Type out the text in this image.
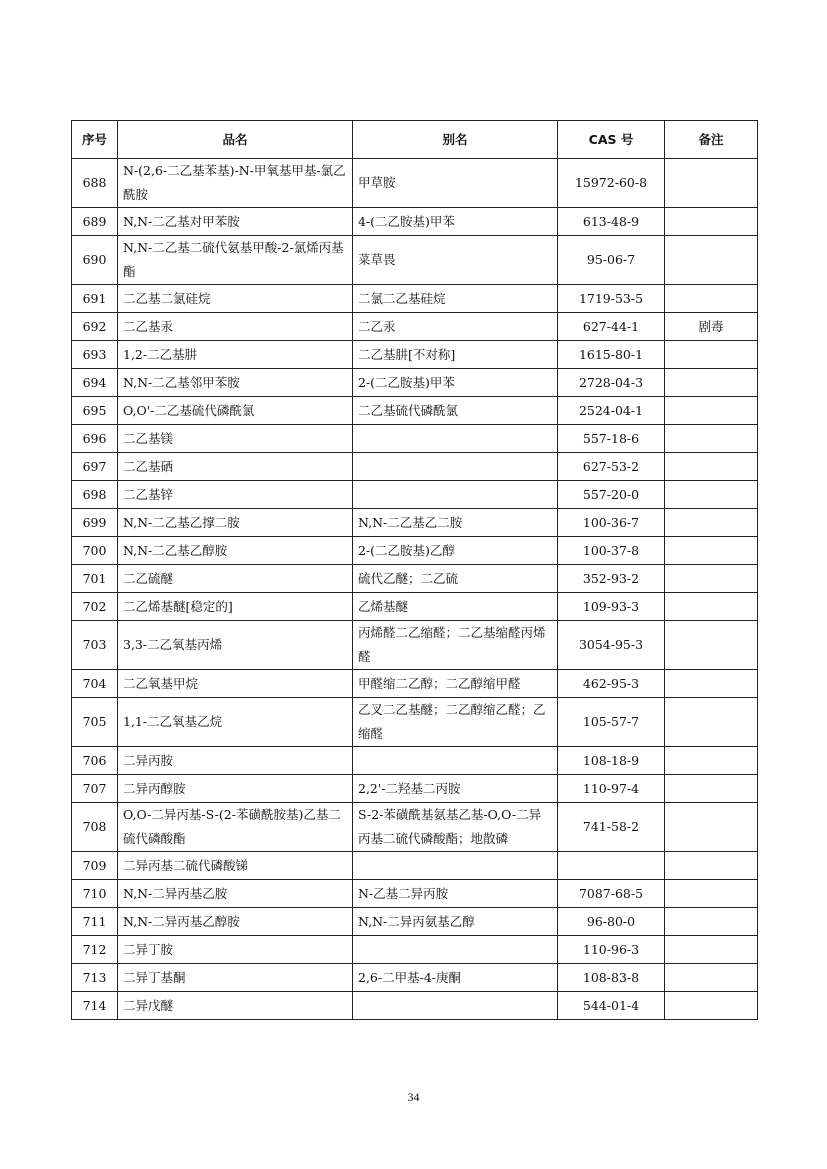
序号	品名	别名	CAS 号	备注
688	N-(2,6-二乙基苯基)-N-甲氧基甲基-氯乙酰胺	甲草胺	15972-60-8	
689	N,N-二乙基对甲苯胺	4-(二乙胺基)甲苯	613-48-9	
690	N,N-二乙基二硫代氨基甲酸-2-氯烯丙基酯	菜草畏	95-06-7	
691	二乙基二氯硅烷	二氯二乙基硅烷	1719-53-5	
692	二乙基汞	二乙汞	627-44-1	剧毒
693	1,2-二乙基肼	二乙基肼[不对称]	1615-80-1	
694	N,N-二乙基邻甲苯胺	2-(二乙胺基)甲苯	2728-04-3	
695	O,O'-二乙基硫代磷酰氯	二乙基硫代磷酰氯	2524-04-1	
696	二乙基镁		557-18-6	
697	二乙基硒		627-53-2	
698	二乙基锌		557-20-0	
699	N,N-二乙基乙撑二胺	N,N-二乙基乙二胺	100-36-7	
700	N,N-二乙基乙醇胺	2-(二乙胺基)乙醇	100-37-8	
701	二乙硫醚	硫代乙醚；二乙硫	352-93-2	
702	二乙烯基醚[稳定的]	乙烯基醚	109-93-3	
703	3,3-二乙氧基丙烯	丙烯醛二乙缩醛；二乙基缩醛丙烯醛	3054-95-3	
704	二乙氧基甲烷	甲醛缩二乙醇；二乙醇缩甲醛	462-95-3	
705	1,1-二乙氧基乙烷	乙叉二乙基醚；二乙醇缩乙醛；乙缩醛	105-57-7	
706	二异丙胺		108-18-9	
707	二异丙醇胺	2,2'-二羟基二丙胺	110-97-4	
708	O,O-二异丙基-S-(2-苯磺酰胺基)乙基二硫代磷酸酯	S-2-苯磺酰基氨基乙基-O,O-二异丙基二硫代磷酸酯；地散磷	741-58-2	
709	二异丙基二硫代磷酸锑			
710	N,N-二异丙基乙胺	N-乙基二异丙胺	7087-68-5	
711	N,N-二异丙基乙醇胺	N,N-二异丙氨基乙醇	96-80-0	
712	二异丁胺		110-96-3	
713	二异丁基酮	2,6-二甲基-4-庚酮	108-83-8	
714	二异戊醚		544-01-4	
34
